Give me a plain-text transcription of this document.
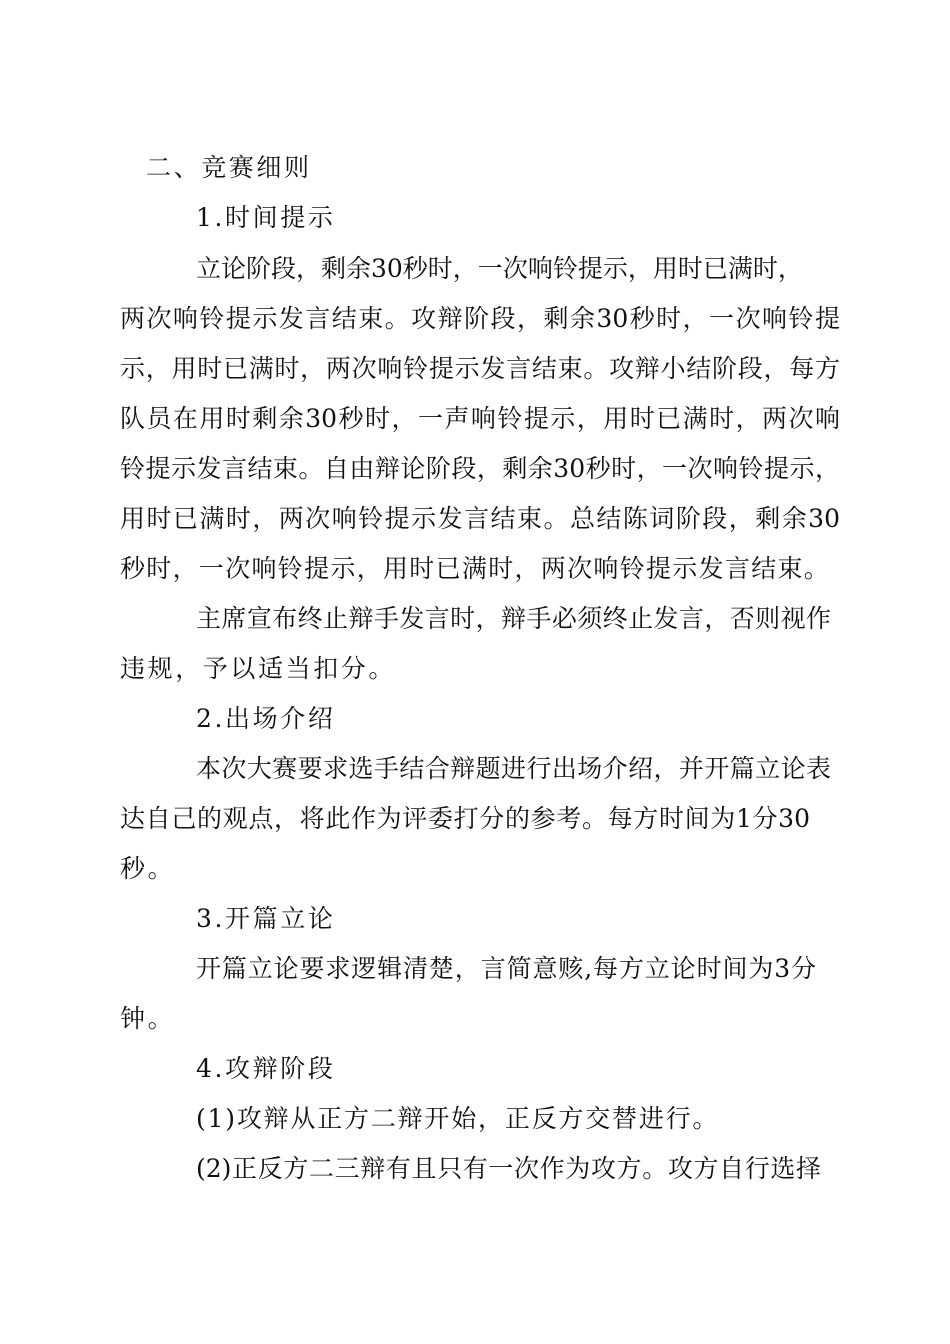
二、竞赛细则
1.时间提示
立论阶段，剩余30秒时，一次响铃提示，用时已满时，
两次响铃提示发言结束。攻辩阶段，剩余30秒时，一次响铃提
示，用时已满时，两次响铃提示发言结束。攻辩小结阶段，每方
队员在用时剩余30秒时，一声响铃提示，用时已满时，两次响
铃提示发言结束。自由辩论阶段，剩余30秒时，一次响铃提示，
用时已满时，两次响铃提示发言结束。总结陈词阶段，剩余30
秒时，一次响铃提示，用时已满时，两次响铃提示发言结束。
主席宣布终止辩手发言时，辩手必须终止发言，否则视作
违规，予以适当扣分。
2.出场介绍
本次大赛要求选手结合辩题进行出场介绍，并开篇立论表
达自己的观点，将此作为评委打分的参考。每方时间为1分30
秒。
3.开篇立论
开篇立论要求逻辑清楚，言简意赅,每方立论时间为3分
钟。
4.攻辩阶段
(1)攻辩从正方二辩开始，正反方交替进行。
(2)正反方二三辩有且只有一次作为攻方。攻方自行选择
